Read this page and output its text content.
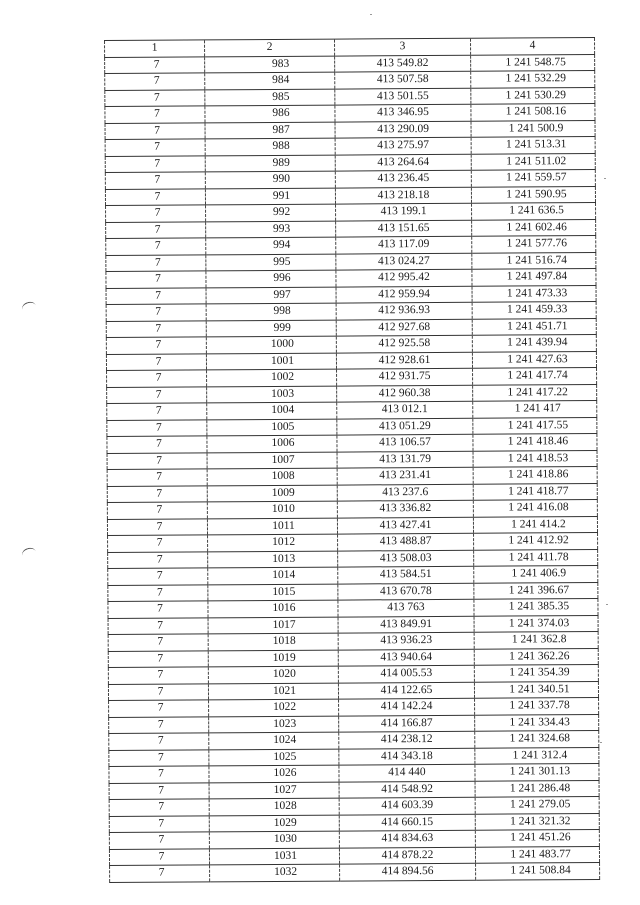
1	2	3	4
7	983	413 549.82	1 241 548.75
7	984	413 507.58	1 241 532.29
7	985	413 501.55	1 241 530.29
7	986	413 346.95	1 241 508.16
7	987	413 290.09	1 241 500.9
7	988	413 275.97	1 241 513.31
7	989	413 264.64	1 241 511.02
7	990	413 236.45	1 241 559.57
7	991	413 218.18	1 241 590.95
7	992	413 199.1	1 241 636.5
7	993	413 151.65	1 241 602.46
7	994	413 117.09	1 241 577.76
7	995	413 024.27	1 241 516.74
7	996	412 995.42	1 241 497.84
7	997	412 959.94	1 241 473.33
7	998	412 936.93	1 241 459.33
7	999	412 927.68	1 241 451.71
7	1000	412 925.58	1 241 439.94
7	1001	412 928.61	1 241 427.63
7	1002	412 931.75	1 241 417.74
7	1003	412 960.38	1 241 417.22
7	1004	413 012.1	1 241 417
7	1005	413 051.29	1 241 417.55
7	1006	413 106.57	1 241 418.46
7	1007	413 131.79	1 241 418.53
7	1008	413 231.41	1 241 418.86
7	1009	413 237.6	1 241 418.77
7	1010	413 336.82	1 241 416.08
7	1011	413 427.41	1 241 414.2
7	1012	413 488.87	1 241 412.92
7	1013	413 508.03	1 241 411.78
7	1014	413 584.51	1 241 406.9
7	1015	413 670.78	1 241 396.67
7	1016	413 763	1 241 385.35
7	1017	413 849.91	1 241 374.03
7	1018	413 936.23	1 241 362.8
7	1019	413 940.64	1 241 362.26
7	1020	414 005.53	1 241 354.39
7	1021	414 122.65	1 241 340.51
7	1022	414 142.24	1 241 337.78
7	1023	414 166.87	1 241 334.43
7	1024	414 238.12	1 241 324.68
7	1025	414 343.18	1 241 312.4
7	1026	414 440	1 241 301.13
7	1027	414 548.92	1 241 286.48
7	1028	414 603.39	1 241 279.05
7	1029	414 660.15	1 241 321.32
7	1030	414 834.63	1 241 451.26
7	1031	414 878.22	1 241 483.77
7	1032	414 894.56	1 241 508.84
